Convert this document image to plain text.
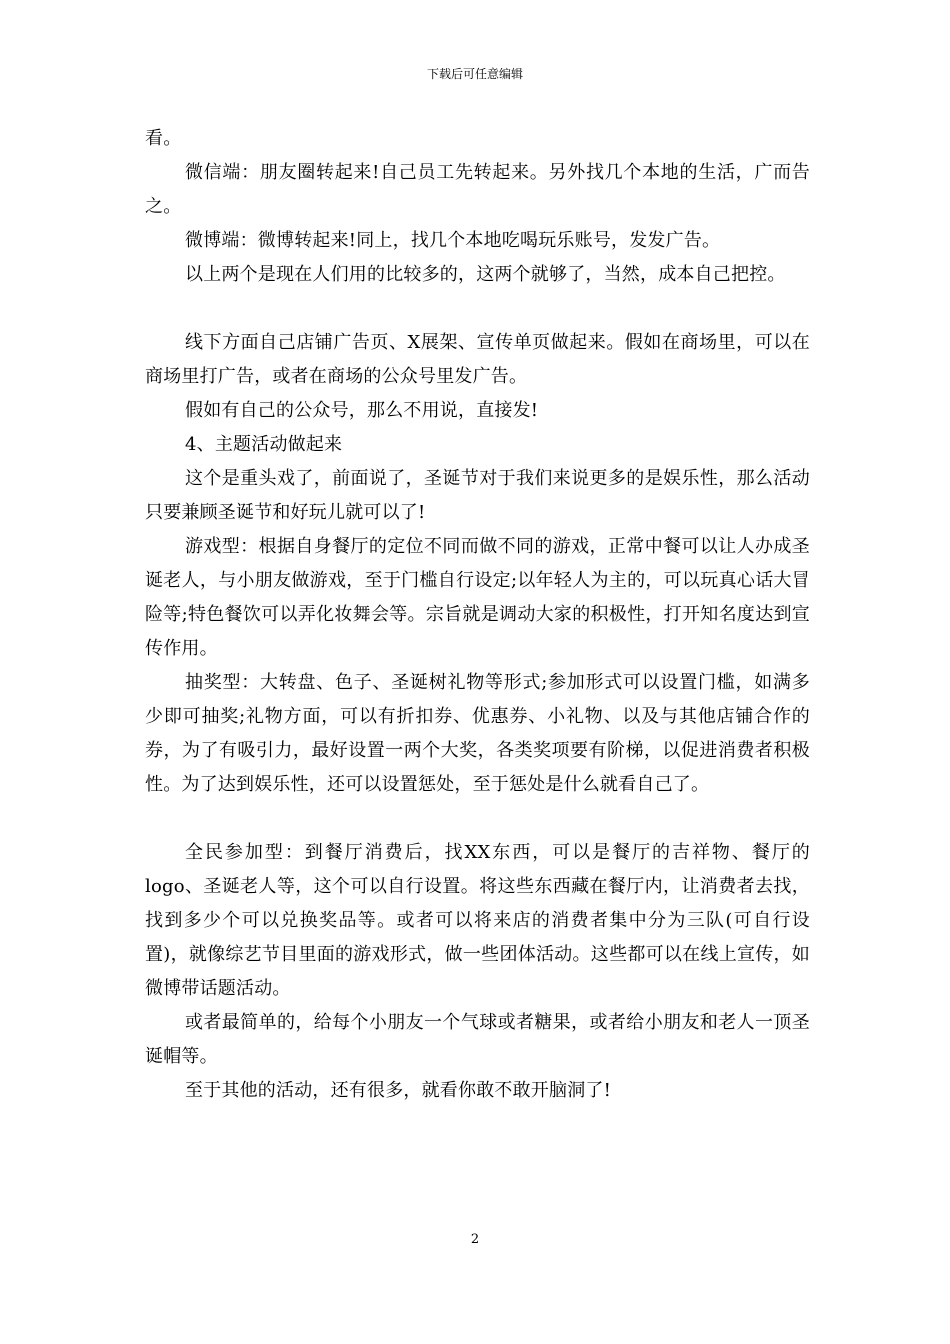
下载后可任意编辑

看。

微信端：朋友圈转起来!自己员工先转起来。另外找几个本地的生活，广而告之。

微博端：微博转起来!同上，找几个本地吃喝玩乐账号，发发广告。

以上两个是现在人们用的比较多的，这两个就够了，当然，成本自己把控。

线下方面自己店铺广告页、X展架、宣传单页做起来。假如在商场里，可以在商场里打广告，或者在商场的公众号里发广告。

假如有自己的公众号，那么不用说，直接发!

4、主题活动做起来

这个是重头戏了，前面说了，圣诞节对于我们来说更多的是娱乐性，那么活动只要兼顾圣诞节和好玩儿就可以了!

游戏型：根据自身餐厅的定位不同而做不同的游戏，正常中餐可以让人办成圣诞老人，与小朋友做游戏，至于门槛自行设定;以年轻人为主的，可以玩真心话大冒险等;特色餐饮可以弄化妆舞会等。宗旨就是调动大家的积极性，打开知名度达到宣传作用。

抽奖型：大转盘、色子、圣诞树礼物等形式;参加形式可以设置门槛，如满多少即可抽奖;礼物方面，可以有折扣券、优惠券、小礼物、以及与其他店铺合作的券，为了有吸引力，最好设置一两个大奖，各类奖项要有阶梯，以促进消费者积极性。为了达到娱乐性，还可以设置惩处，至于惩处是什么就看自己了。

全民参加型：到餐厅消费后，找XX东西，可以是餐厅的吉祥物、餐厅的logo、圣诞老人等，这个可以自行设置。将这些东西藏在餐厅内，让消费者去找，找到多少个可以兑换奖品等。或者可以将来店的消费者集中分为三队(可自行设置)，就像综艺节目里面的游戏形式，做一些团体活动。这些都可以在线上宣传，如微博带话题活动。

或者最简单的，给每个小朋友一个气球或者糖果，或者给小朋友和老人一顶圣诞帽等。

至于其他的活动，还有很多，就看你敢不敢开脑洞了!

2
